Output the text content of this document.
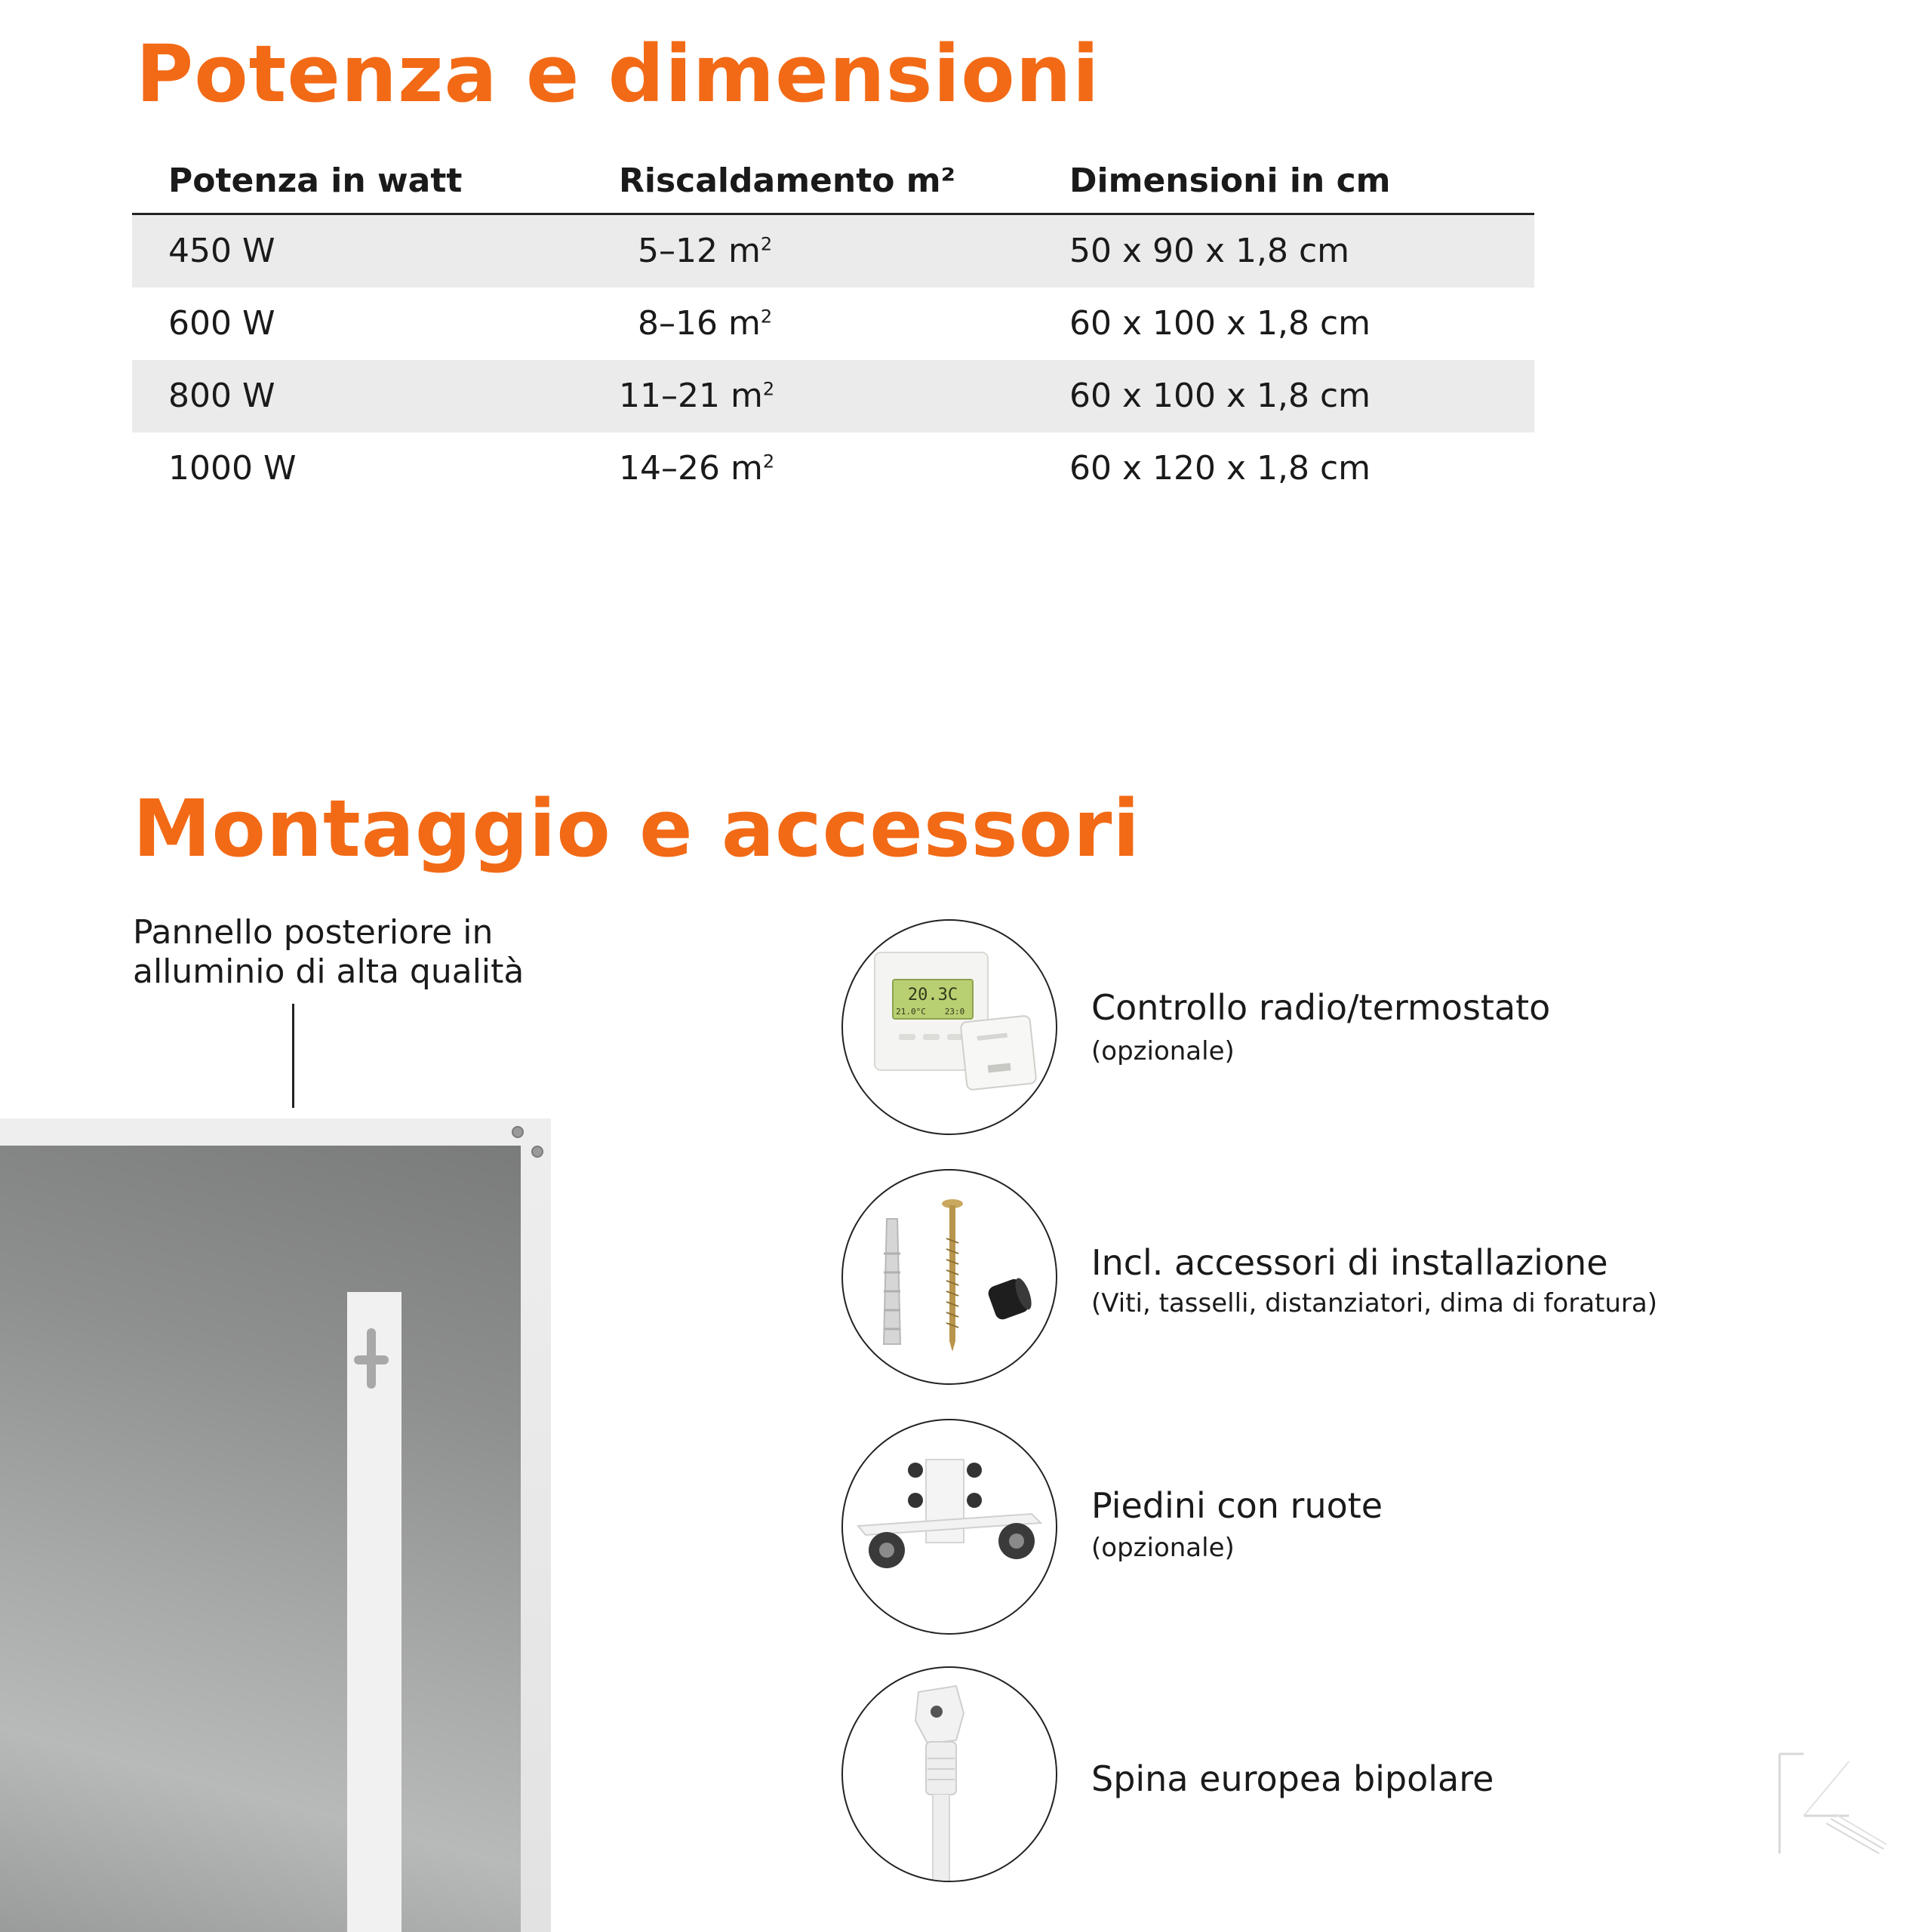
Potenza e dimensioni
Potenza in watt	Riscaldamento m²	Dimensioni in cm
450 W	5–12 $m^2$	50 x 90 x 1,8 cm
600 W	8–16 $m^2$	60 x 100 x 1,8 cm
800 W	11–21 $m^2$	60 x 100 x 1,8 cm
1000 W	14–26 $m^2$	60 x 120 x 1,8 cm
Montaggio e accessori
Pannello posteriore in
alluminio di alta qualità
20.3C
21.0°C 23:0	Controllo radio/termostato
(opzionale)
Incl. accessori di installazione
(Viti, tasselli, distanziatori, dima di foratura)
Piedini con ruote
(opzionale)
Spina europea bipolare
